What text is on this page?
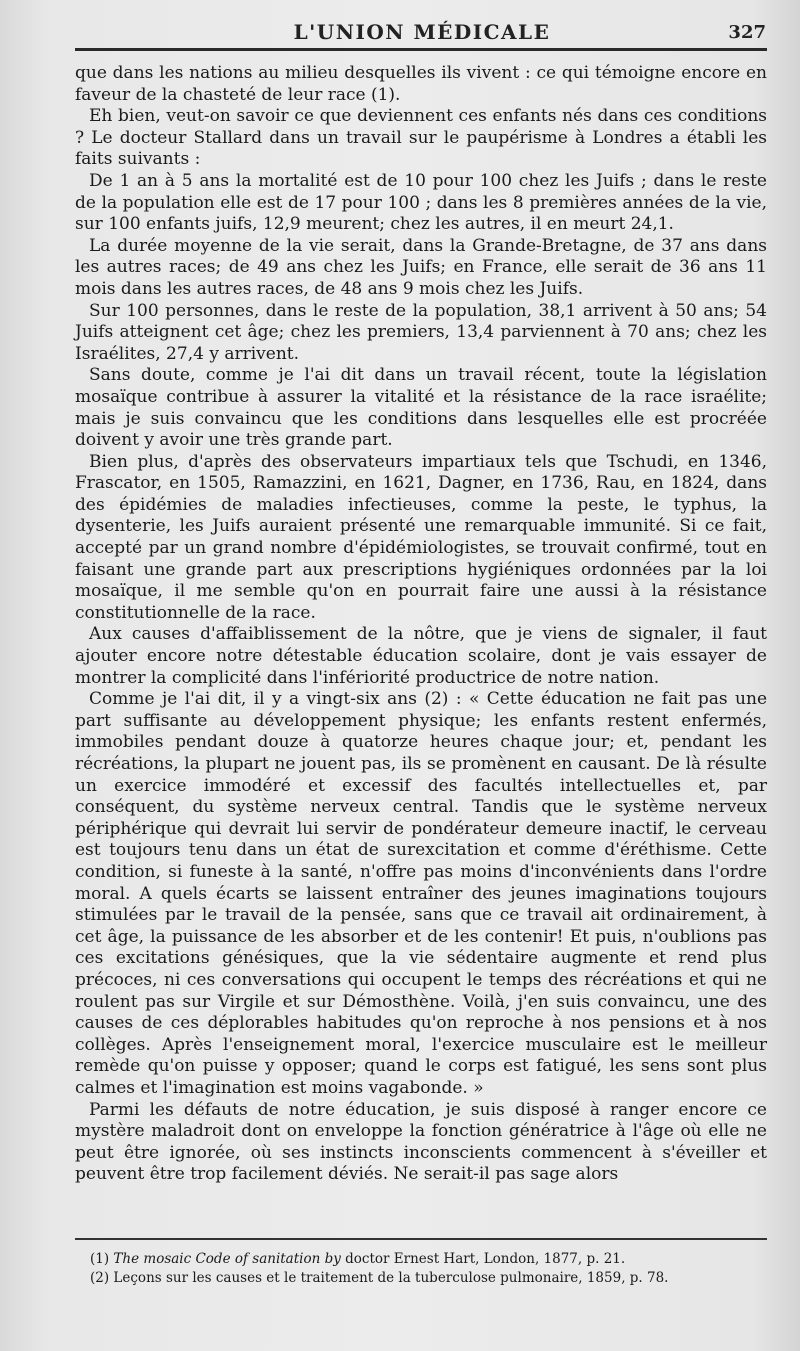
L'UNION MÉDICALE	327

que dans les nations au milieu desquelles ils vivent : ce qui témoigne encore en faveur de la chasteté de leur race (1).

Eh bien, veut-on savoir ce que deviennent ces enfants nés dans ces conditions ? Le docteur Stallard dans un travail sur le paupérisme à Londres a établi les faits suivants :

De 1 an à 5 ans la mortalité est de 10 pour 100 chez les Juifs ; dans le reste de la population elle est de 17 pour 100 ; dans les 8 premières années de la vie, sur 100 enfants juifs, 12,9 meurent; chez les autres, il en meurt 24,1.

La durée moyenne de la vie serait, dans la Grande-Bretagne, de 37 ans dans les autres races; de 49 ans chez les Juifs; en France, elle serait de 36 ans 11 mois dans les autres races, de 48 ans 9 mois chez les Juifs.

Sur 100 personnes, dans le reste de la population, 38,1 arrivent à 50 ans; 54 Juifs atteignent cet âge; chez les premiers, 13,4 parviennent à 70 ans; chez les Israélites, 27,4 y arrivent.

Sans doute, comme je l'ai dit dans un travail récent, toute la législation mosaïque contribue à assurer la vitalité et la résistance de la race israélite; mais je suis convaincu que les conditions dans lesquelles elle est procréée doivent y avoir une très grande part.

Bien plus, d'après des observateurs impartiaux tels que Tschudi, en 1346, Frascator, en 1505, Ramazzini, en 1621, Dagner, en 1736, Rau, en 1824, dans des épidémies de maladies infectieuses, comme la peste, le typhus, la dysenterie, les Juifs auraient présenté une remarquable immunité. Si ce fait, accepté par un grand nombre d'épidémiologistes, se trouvait confirmé, tout en faisant une grande part aux prescriptions hygiéniques ordonnées par la loi mosaïque, il me semble qu'on en pourrait faire une aussi à la résistance constitutionnelle de la race.

Aux causes d'affaiblissement de la nôtre, que je viens de signaler, il faut ajouter encore notre détestable éducation scolaire, dont je vais essayer de montrer la complicité dans l'infériorité productrice de notre nation.

Comme je l'ai dit, il y a vingt-six ans (2) : « Cette éducation ne fait pas une part suffisante au développement physique; les enfants restent enfermés, immobiles pendant douze à quatorze heures chaque jour; et, pendant les récréations, la plupart ne jouent pas, ils se promènent en causant. De là résulte un exercice immodéré et excessif des facultés intellectuelles et, par conséquent, du système nerveux central. Tandis que le système nerveux périphérique qui devrait lui servir de pondérateur demeure inactif, le cerveau est toujours tenu dans un état de surexcitation et comme d'éréthisme. Cette condition, si funeste à la santé, n'offre pas moins d'inconvénients dans l'ordre moral. A quels écarts se laissent entraîner des jeunes imaginations toujours stimulées par le travail de la pensée, sans que ce travail ait ordinairement, à cet âge, la puissance de les absorber et de les contenir! Et puis, n'oublions pas ces excitations génésiques, que la vie sédentaire augmente et rend plus précoces, ni ces conversations qui occupent le temps des récréations et qui ne roulent pas sur Virgile et sur Démosthène. Voilà, j'en suis convaincu, une des causes de ces déplorables habitudes qu'on reproche à nos pensions et à nos collèges. Après l'enseignement moral, l'exercice musculaire est le meilleur remède qu'on puisse y opposer; quand le corps est fatigué, les sens sont plus calmes et l'imagination est moins vagabonde. »

Parmi les défauts de notre éducation, je suis disposé à ranger encore ce mystère maladroit dont on enveloppe la fonction génératrice à l'âge où elle ne peut être ignorée, où ses instincts inconscients commencent à s'éveiller et peuvent être trop facilement déviés. Ne serait-il pas sage alors

(1) The mosaic Code of sanitation by doctor Ernest Hart, London, 1877, p. 21.

(2) Leçons sur les causes et le traitement de la tuberculose pulmonaire, 1859, p. 78.
